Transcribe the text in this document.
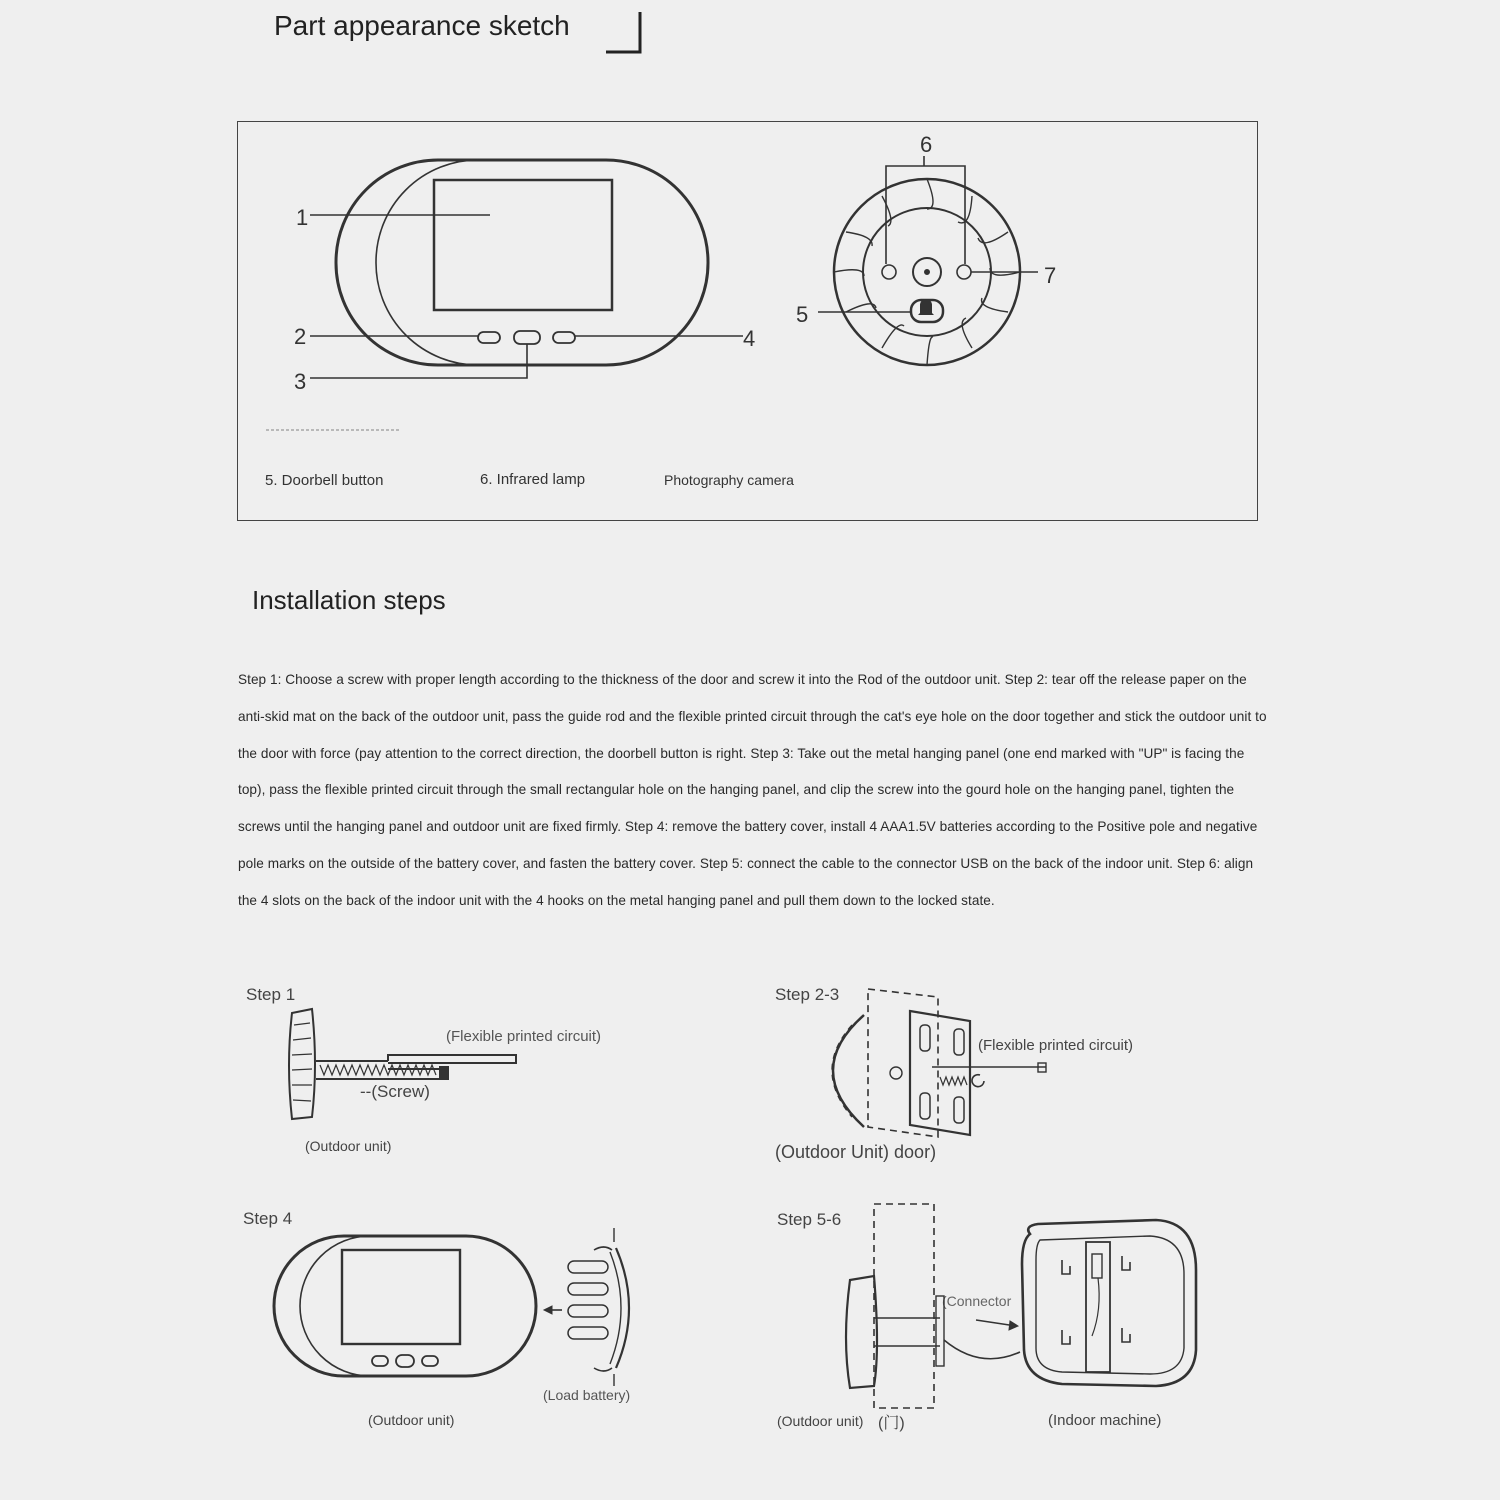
Part appearance sketch
1
2
3
4
6
7
5
5. Doorbell button	6. Infrared lamp	Photography camera
Installation steps
Step 1: Choose a screw with proper length according to the thickness of the door and screw it into the Rod of the outdoor unit. Step 2: tear off the release paper on the anti-skid mat on the back of the outdoor unit, pass the guide rod and the flexible printed circuit through the cat's eye hole on the door together and stick the outdoor unit to the door with force (pay attention to the correct direction, the doorbell button is right. Step 3: Take out the metal hanging panel (one end marked with "UP" is facing the top), pass the flexible printed circuit through the small rectangular hole on the hanging panel, and clip the screw into the gourd hole on the hanging panel, tighten the screws until the hanging panel and outdoor unit are fixed firmly. Step 4: remove the battery cover, install 4 AAA1.5V batteries according to the Positive pole and negative pole marks on the outside of the battery cover, and fasten the battery cover. Step 5: connect the cable to the connector USB on the back of the indoor unit. Step 6: align the 4 slots on the back of the indoor unit with the 4 hooks on the metal hanging panel and pull them down to the locked state.
Step 1
(Flexible printed circuit)
--(Screw)
(Outdoor unit)
Step 2-3
(Flexible printed circuit)
(Outdoor Unit) door)
Step 4
(Load battery)
(Outdoor unit)
Step 5-6
(Connector
(Outdoor unit) (门)	(Indoor machine)
